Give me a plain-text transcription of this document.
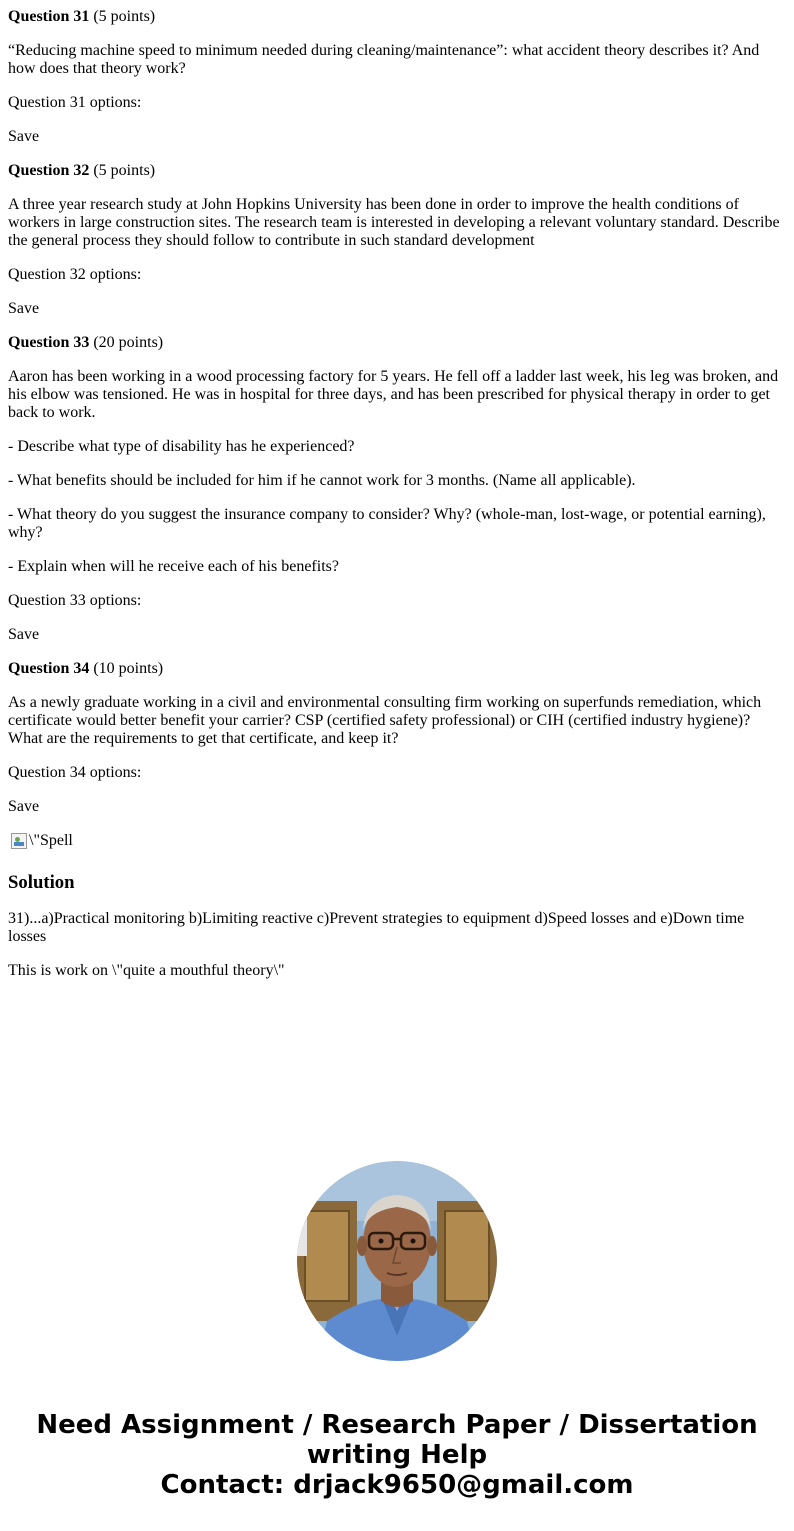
Question 31 (5 points)

“Reducing machine speed to minimum needed during cleaning/maintenance”: what accident theory describes it? And how does that theory work?

Question 31 options:

Save

Question 32 (5 points)

A three year research study at John Hopkins University has been done in order to improve the health conditions of workers in large construction sites. The research team is interested in developing a relevant voluntary standard. Describe the general process they should follow to contribute in such standard development

Question 32 options:

Save

Question 33 (20 points)

Aaron has been working in a wood processing factory for 5 years. He fell off a ladder last week, his leg was broken, and his elbow was tensioned. He was in hospital for three days, and has been prescribed for physical therapy in order to get back to work.

- Describe what type of disability has he experienced?

- What benefits should be included for him if he cannot work for 3 months. (Name all applicable).

- What theory do you suggest the insurance company to consider? Why? (whole-man, lost-wage, or potential earning), why?

- Explain when will he receive each of his benefits?

Question 33 options:

Save

Question 34 (10 points)

As a newly graduate working in a civil and environmental consulting firm working on superfunds remediation, which certificate would better benefit your carrier? CSP (certified safety professional) or CIH (certified industry hygiene)? What are the requirements to get that certificate, and keep it?

Question 34 options:

Save

\"Spell

Solution

31)...a)Practical monitoring b)Limiting reactive c)Prevent strategies to equipment d)Speed losses and e)Down time losses

This is work on \"quite a mouthful theory\"

Need Assignment / Research Paper / Dissertation
writing Help
Contact: drjack9650@gmail.com
